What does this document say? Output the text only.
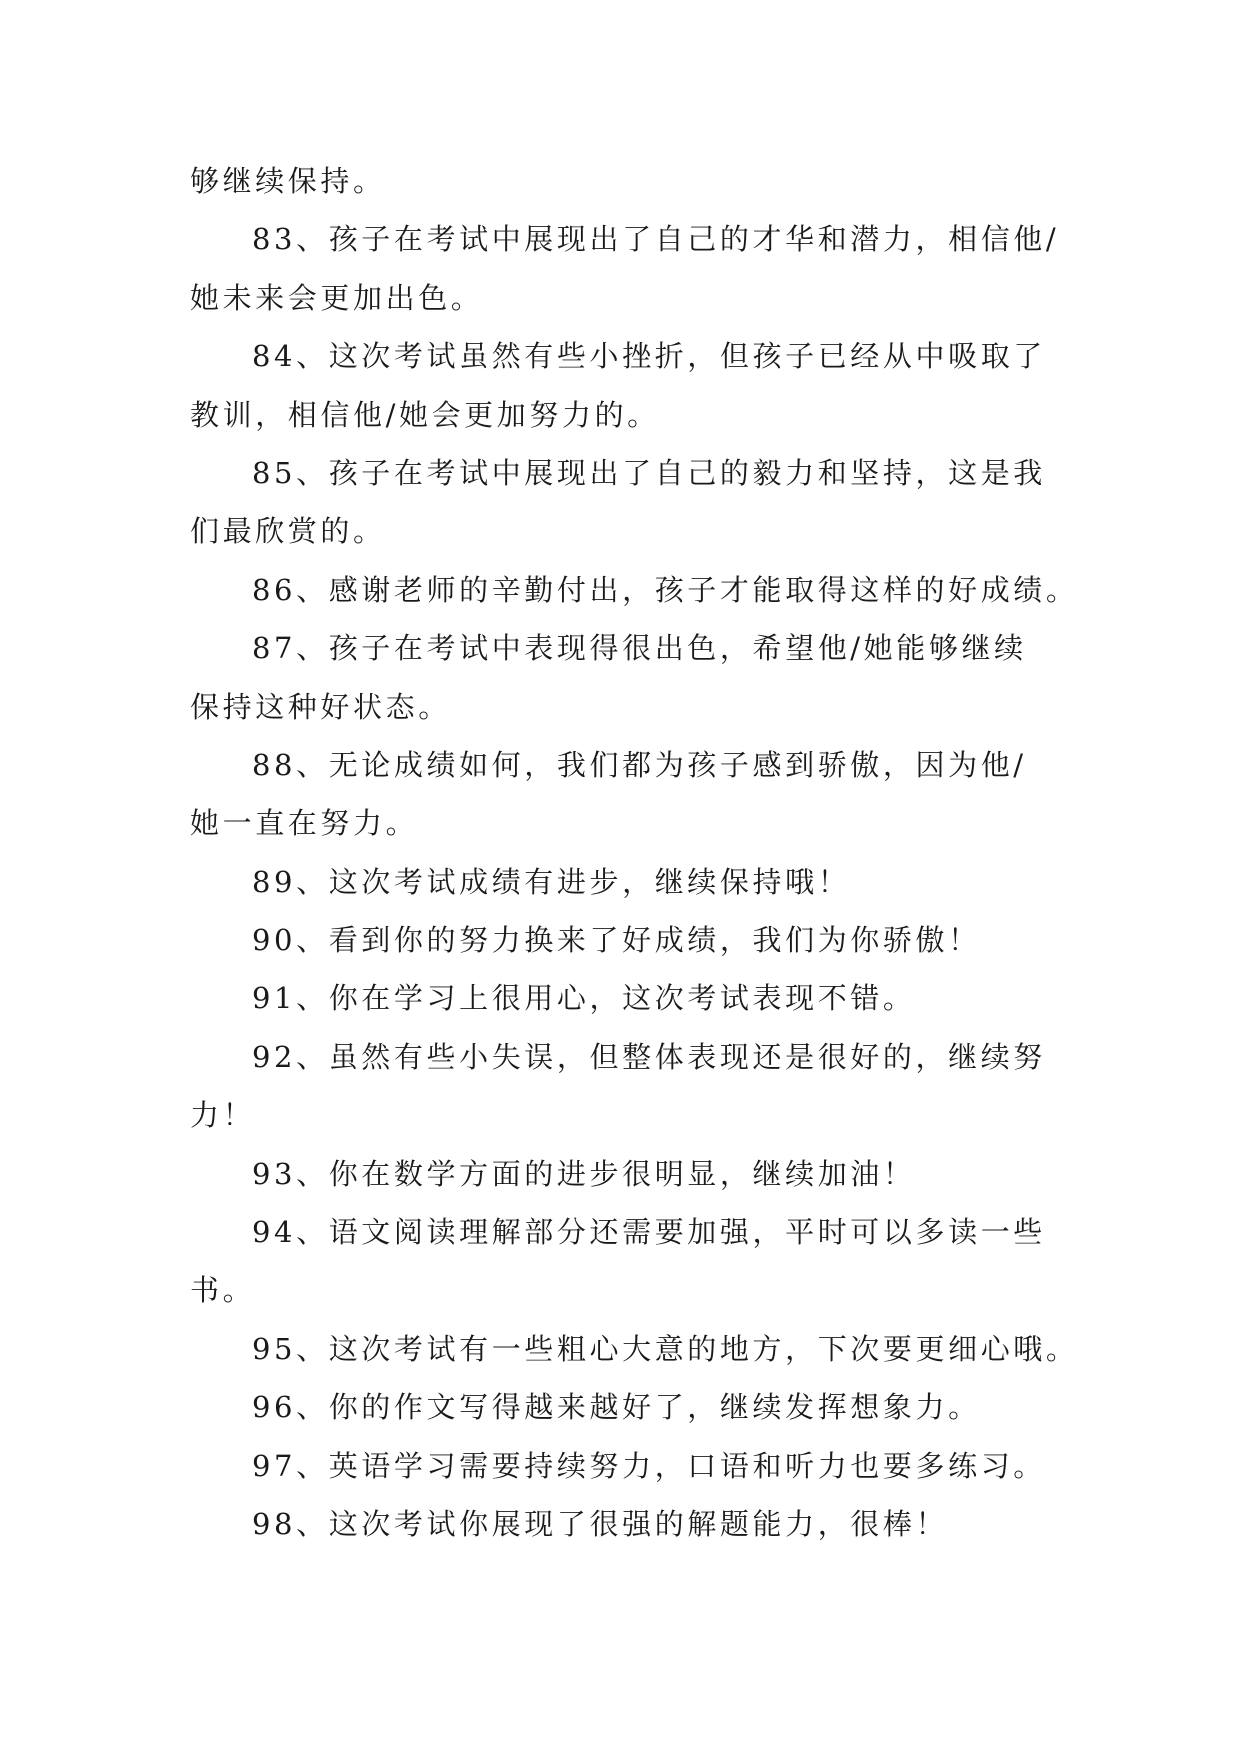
够继续保持。
83、孩子在考试中展现出了自己的才华和潜力，相信他/
她未来会更加出色。
84、这次考试虽然有些小挫折，但孩子已经从中吸取了
教训，相信他/她会更加努力的。
85、孩子在考试中展现出了自己的毅力和坚持，这是我
们最欣赏的。
86、感谢老师的辛勤付出，孩子才能取得这样的好成绩。
87、孩子在考试中表现得很出色，希望他/她能够继续
保持这种好状态。
88、无论成绩如何，我们都为孩子感到骄傲，因为他/
她一直在努力。
89、这次考试成绩有进步，继续保持哦！
90、看到你的努力换来了好成绩，我们为你骄傲！
91、你在学习上很用心，这次考试表现不错。
92、虽然有些小失误，但整体表现还是很好的，继续努
力！
93、你在数学方面的进步很明显，继续加油！
94、语文阅读理解部分还需要加强，平时可以多读一些
书。
95、这次考试有一些粗心大意的地方，下次要更细心哦。
96、你的作文写得越来越好了，继续发挥想象力。
97、英语学习需要持续努力，口语和听力也要多练习。
98、这次考试你展现了很强的解题能力，很棒！
